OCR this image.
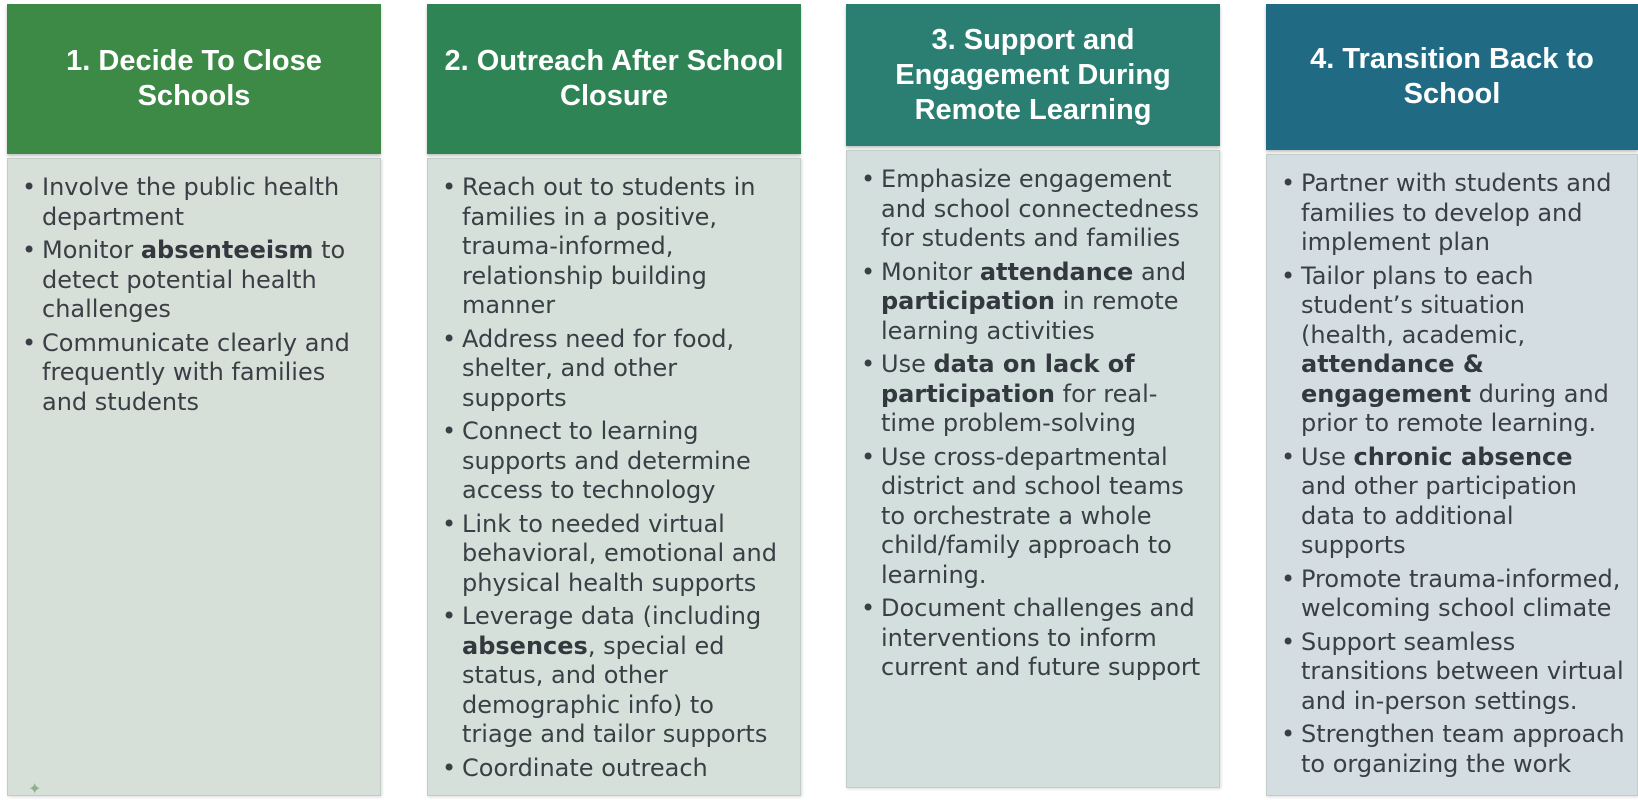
1. Decide To Close Schools
• Involve the public health department
• Monitor absenteeism to detect potential health challenges
• Communicate clearly and frequently with families and students
2. Outreach After School Closure
• Reach out to students in families in a positive, trauma-informed, relationship building manner
• Address need for food, shelter, and other supports
• Connect to learning supports and determine access to technology
• Link to needed virtual behavioral, emotional and physical health supports
• Leverage data (including absences, special ed status, and other demographic info) to triage and tailor supports
• Coordinate outreach
3. Support and Engagement During Remote Learning
• Emphasize engagement and school connectedness for students and families
• Monitor attendance and participation in remote learning activities
• Use data on lack of participation for real-time problem-solving
• Use cross-departmental district and school teams to orchestrate a whole child/family approach to learning.
• Document challenges and interventions to inform current and future support
4. Transition Back to School
• Partner with students and families to develop and implement plan
• Tailor plans to each student’s situation (health, academic, attendance & engagement during and prior to remote learning.
• Use chronic absence and other participation data to additional supports
• Promote trauma-informed, welcoming school climate
• Support seamless transitions between virtual and in-person settings.
• Strengthen team approach to organizing the work
✦
